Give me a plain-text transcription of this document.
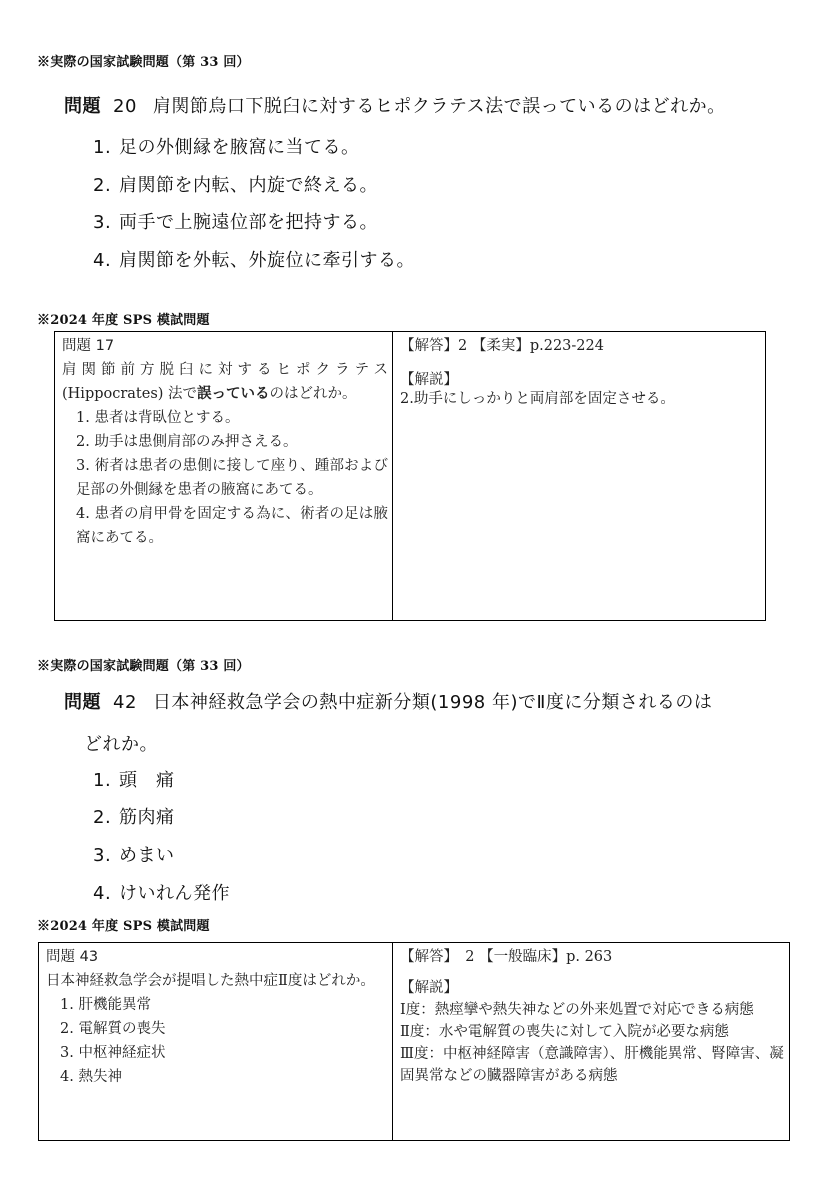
※実際の国家試験問題（第 33 回）
問題 20 肩関節烏口下脱臼に対するヒポクラテス法で誤っているのはどれか。
1. 足の外側縁を腋窩に当てる。
2. 肩関節を内転、内旋で終える。
3. 両手で上腕遠位部を把持する。
4. 肩関節を外転、外旋位に牽引する。
※2024 年度 SPS 模試問題
問題 17
肩関節前方脱臼に対するヒポクラテス (Hippocrates) 法で誤っているのはどれか。
1. 患者は背臥位とする。
2. 助手は患側肩部のみ押さえる。
3. 術者は患者の患側に接して座り、踵部および足部の外側縁を患者の腋窩にあてる。
4. 患者の肩甲骨を固定する為に、術者の足は腋窩にあてる。
【解答】2 【柔実】p.223-224
【解説】
2.助手にしっかりと両肩部を固定させる。
※実際の国家試験問題（第 33 回）
問題 42 日本神経救急学会の熱中症新分類(1998 年)でⅡ度に分類されるのは
どれか。
1. 頭　痛
2. 筋肉痛
3. めまい
4. けいれん発作
※2024 年度 SPS 模試問題
問題 43
日本神経救急学会が提唱した熱中症Ⅱ度はどれか。
1. 肝機能異常
2. 電解質の喪失
3. 中枢神経症状
4. 熱失神
【解答】　2 【一般臨床】p. 263
【解説】
Ⅰ度：熱痙攣や熱失神などの外来処置で対応できる病態
Ⅱ度：水や電解質の喪失に対して入院が必要な病態
Ⅲ度：中枢神経障害（意識障害）、肝機能異常、腎障害、凝固異常などの臓器障害がある病態
